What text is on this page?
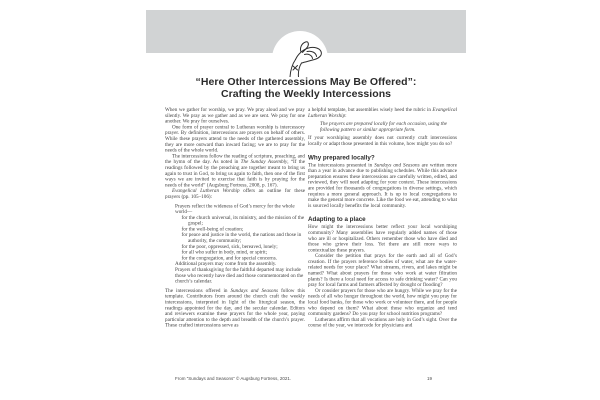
“Here Other Intercessions May Be Offered”:
Crafting the Weekly Intercessions

When we gather for worship, we pray. We pray aloud and we pray silently. We pray as we gather and as we are sent. We pray for one another. We pray for ourselves.

One form of prayer central to Lutheran worship is intercessory prayer. By definition, intercessions are prayers on behalf of others. While these prayers attend to the needs of the gathered assembly, they are more outward than inward facing; we are to pray for the needs of the whole world.

The intercessions follow the reading of scripture, preaching, and the hymn of the day. As noted in The Sunday Assembly, “If the readings followed by the preaching are together meant to bring us again to trust in God, to bring us again to faith, then one of the first ways we are invited to exercise that faith is by praying for the needs of the world” (Augsburg Fortress, 2008, p. 167).

Evangelical Lutheran Worship offers an outline for these prayers (pp. 105–106):

Prayers reflect the wideness of God’s mercy for the whole world—

for the church universal, its ministry, and the mission of the gospel;

for the well-being of creation;

for peace and justice in the world, the nations and those in authority, the community;

for the poor, oppressed, sick, bereaved, lonely;

for all who suffer in body, mind, or spirit;

for the congregation, and for special concerns.

Additional prayers may come from the assembly.

Prayers of thanksgiving for the faithful departed may include those who recently have died and those commemorated on the church’s calendar.

The intercessions offered in Sundays and Seasons follow this template. Contributors from around the church craft the weekly intercessions, interpreted in light of the liturgical season, the readings appointed for the day, and the secular calendar. Editors and reviewers examine these prayers for the whole year, paying particular attention to the depth and breadth of the church’s prayer. These crafted intercessions serve as

a helpful template, but assemblies wisely heed the rubric in Evangelical Lutheran Worship:

The prayers are prepared locally for each occasion, using the following pattern or similar appropriate form.

If your worshiping assembly does not currently craft intercessions locally or adapt those presented in this volume, how might you do so?

Why prepared locally?

The intercessions presented in Sundays and Seasons are written more than a year in advance due to publishing schedules. While this advance preparation ensures these intercessions are carefully written, edited, and reviewed, they will need adapting for your context. These intercessions are provided for thousands of congregations in diverse settings, which requires a more general approach. It is up to local congregations to make the general more concrete. Like the food we eat, attending to what is sourced locally benefits the local community.

Adapting to a place

How might the intercessions better reflect your local worshiping community? Many assemblies have regularly added names of those who are ill or hospitalized. Others remember those who have died and those who grieve their loss. Yet there are still more ways to contextualize these prayers.

Consider the petition that prays for the earth and all of God’s creation. If the prayers reference bodies of water, what are the water-related needs for your place? What streams, rivers, and lakes might be named? What about prayers for those who work at water filtration plants? Is there a local need for access to safe drinking water? Can you pray for local farms and farmers affected by drought or flooding?

Or consider prayers for those who are hungry. While we pray for the needs of all who hunger throughout the world, how might you pray for local food banks, for those who work or volunteer there, and for people who depend on them? What about those who organize and tend community gardens? Do you pray for school nutrition programs?

Lutherans affirm that all vocations are holy in God’s sight. Over the course of the year, we intercede for physicians and

From “Sundays and Seasons” © Augsburg Fortress, 2021.	19
